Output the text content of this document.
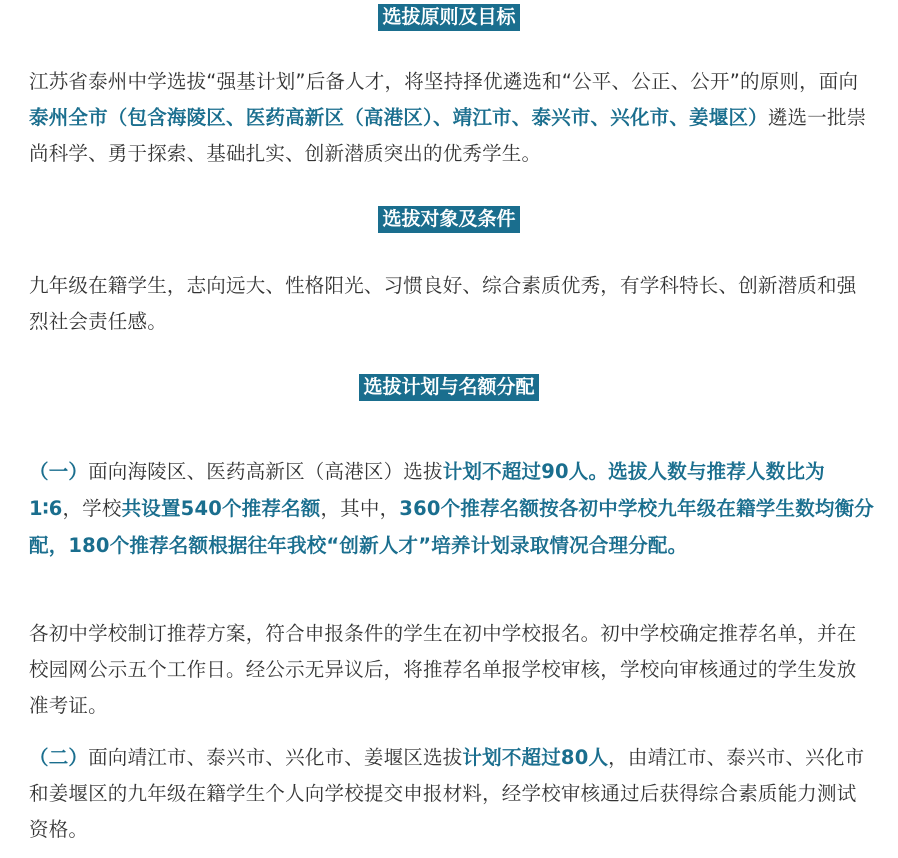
选拔原则及目标

江苏省泰州中学选拔“强基计划”后备人才，将坚持择优遴选和“公平、公正、公开”的原则，面向泰州全市（包含海陵区、医药高新区（高港区）、靖江市、泰兴市、兴化市、姜堰区）遴选一批崇尚科学、勇于探索、基础扎实、创新潜质突出的优秀学生。

选拔对象及条件

九年级在籍学生，志向远大、性格阳光、习惯良好、综合素质优秀，有学科特长、创新潜质和强烈社会责任感。

选拔计划与名额分配

（一）面向海陵区、医药高新区（高港区）选拔计划不超过90人。选拔人数与推荐人数比为1∶6，学校共设置540个推荐名额，其中，360个推荐名额按各初中学校九年级在籍学生数均衡分配，180个推荐名额根据往年我校“创新人才”培养计划录取情况合理分配。

各初中学校制订推荐方案，符合申报条件的学生在初中学校报名。初中学校确定推荐名单，并在校园网公示五个工作日。经公示无异议后，将推荐名单报学校审核，学校向审核通过的学生发放准考证。

（二）面向靖江市、泰兴市、兴化市、姜堰区选拔计划不超过80人，由靖江市、泰兴市、兴化市和姜堰区的九年级在籍学生个人向学校提交申报材料，经学校审核通过后获得综合素质能力测试资格。
